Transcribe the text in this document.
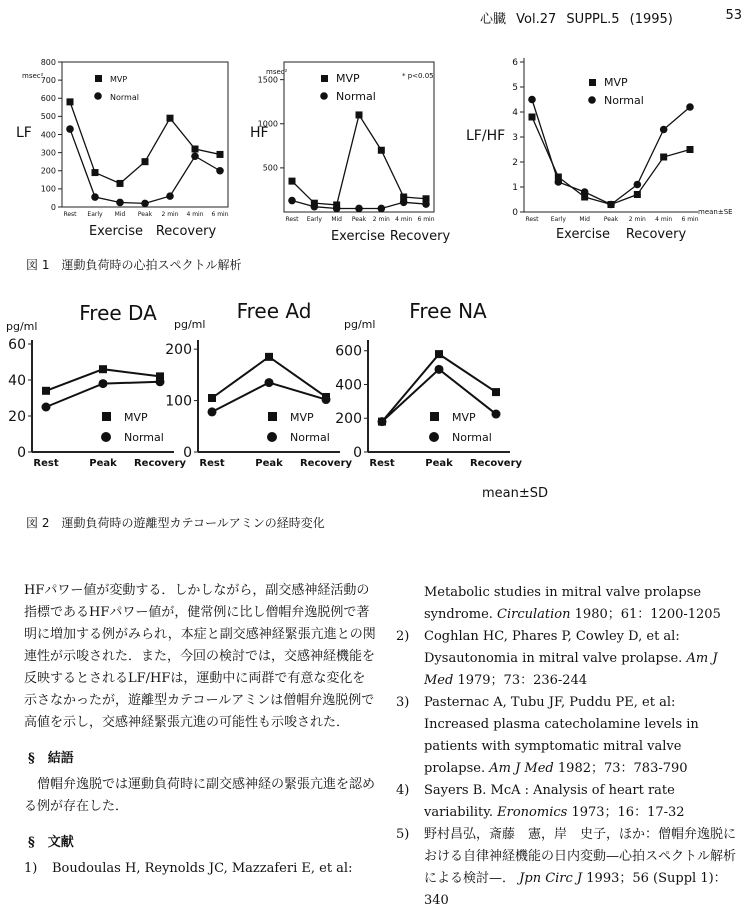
心臓 Vol.27 SUPPL.5 (1995)	53
0
100
200
300
400
500
600
700
800
Rest Early Mid Peak 2 min 4 min 6 min
LF
msec²	MVP
Normal
500
1000
1500
Rest Early Mid Peak 2 min 4 min 6 min
HF
msec²	* p<0.05
MVP
Normal
0
1
2
3
4
5
6
Rest Early Mid Peak 2 min 4 min 6 min
LF/HF
mean±SE
MVP
Normal
Exercise Recovery	Exercise Recovery	Exercise Recovery
図 1　運動負荷時の心拍スペクトル解析
0
20
40
60
Rest	Peak Recovery
Free DA
pg/ml
0
100
200
Rest	Peak Recovery
Free Ad
pg/ml
0
200
400
600
Rest	Peak Recovery
Free NA
pg/ml
MVP
Normal
MVP
Normal
MVP
Normal
mean±SD
図 2　運動負荷時の遊離型カテコールアミンの経時変化

HFパワー値が変動する．しかしながら，副交感神経活動の指標であるHFパワー値が，健常例に比し僧帽弁逸脱例で著明に増加する例がみられ，本症と副交感神経緊張亢進との関連性が示唆された．また，今回の検討では，交感神経機能を反映するとされるLF/HFは，運動中に両群で有意な変化を示さなかったが，遊離型カテコールアミンは僧帽弁逸脱例で高値を示し，交感神経緊張亢進の可能性も示唆された．

§　結語

僧帽弁逸脱では運動負荷時に副交感神経の緊張亢進を認める例が存在した．

§　文献
1) Boudoulas H, Reynolds JC, Mazzaferi E, et al:
Metabolic studies in mitral valve prolapse syndrome. Circulation 1980；61：1200-1205
2) Coghlan HC, Phares P, Cowley D, et al: Dysautonomia in mitral valve prolapse. Am J Med 1979；73：236-244
3) Pasternac A, Tubu JF, Puddu PE, et al: Increased plasma catecholamine levels in patients with symptomatic mitral valve prolapse. Am J Med 1982；73：783-790
4) Sayers B. McA : Analysis of heart rate variability. Eronomics 1973；16：17-32
5) 野村昌弘，斎藤　憲，岸　史子，ほか：僧帽弁逸脱における自律神経機能の日内変動—心拍スペクトル解析による検討—． Jpn Circ J 1993；56 (Suppl 1)：340
